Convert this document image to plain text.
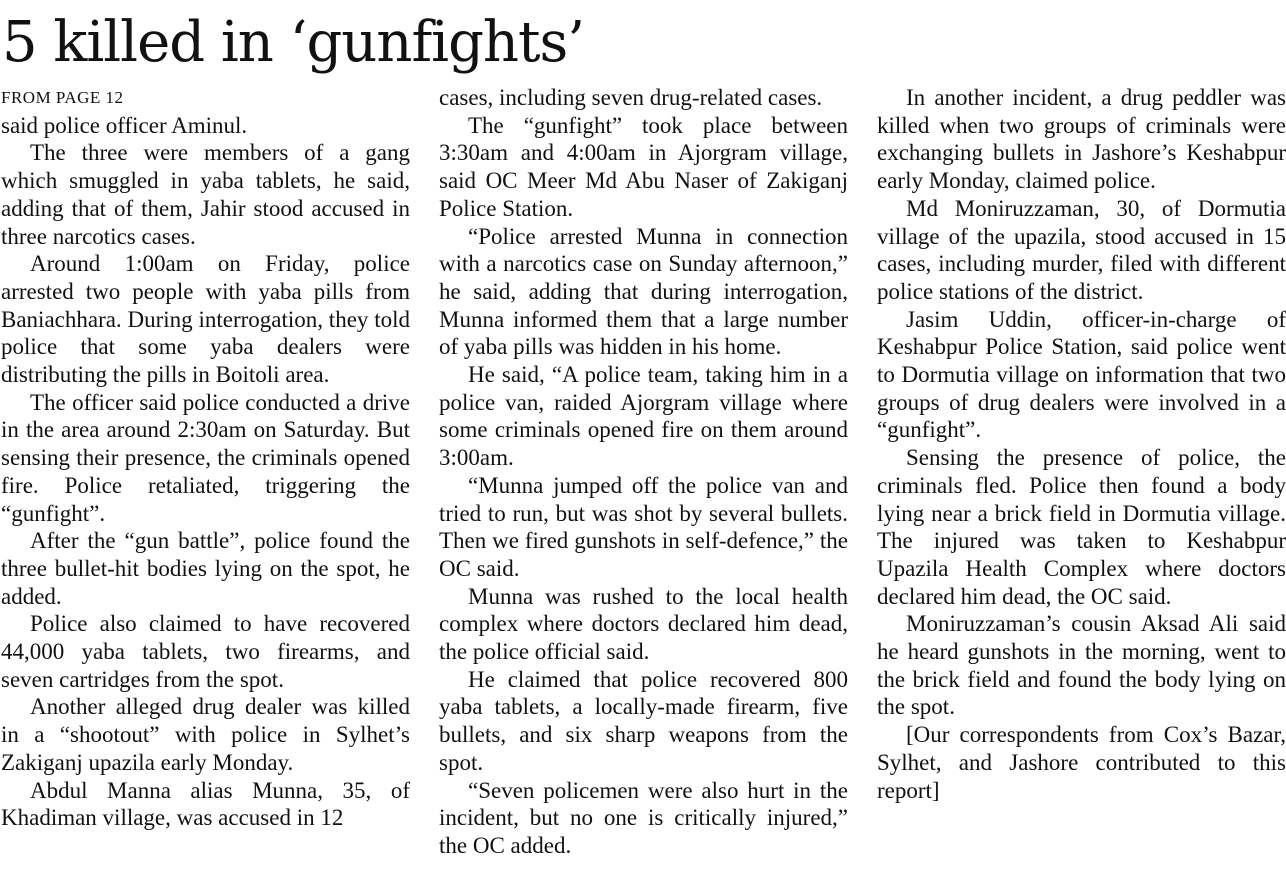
5 killed in ‘gunfights’
FROM PAGE 12

said police officer Aminul.

The three were members of a gang which smuggled in yaba tablets, he said, adding that of them, Jahir stood accused in three narcotics cases.

Around 1:00am on Friday, police arrested two people with yaba pills from Baniachhara. During interrogation, they told police that some yaba dealers were distributing the pills in Boitoli area.

The officer said police conducted a drive in the area around 2:30am on Saturday. But sensing their presence, the criminals opened fire. Police retaliated, triggering the “gunfight”.

After the “gun battle”, police found the three bullet-hit bodies lying on the spot, he added.

Police also claimed to have recovered 44,000 yaba tablets, two firearms, and seven cartridges from the spot.

Another alleged drug dealer was killed in a “shootout” with police in Sylhet’s Zakiganj upazila early Monday.

Abdul Manna alias Munna, 35, of Khadiman village, was accused in 12

cases, including seven drug-related cases.

The “gunfight” took place between 3:30am and 4:00am in Ajorgram village, said OC Meer Md Abu Naser of Zakiganj Police Station.

“Police arrested Munna in connection with a narcotics case on Sunday afternoon,” he said, adding that during interrogation, Munna informed them that a large number of yaba pills was hidden in his home.

He said, “A police team, taking him in a police van, raided Ajorgram village where some criminals opened fire on them around 3:00am.

“Munna jumped off the police van and tried to run, but was shot by several bullets. Then we fired gunshots in self-defence,” the OC said.

Munna was rushed to the local health complex where doctors declared him dead, the police official said.

He claimed that police recovered 800 yaba tablets, a locally-made firearm, five bullets, and six sharp weapons from the spot.

“Seven policemen were also hurt in the incident, but no one is critically injured,” the OC added.

In another incident, a drug peddler was killed when two groups of criminals were exchanging bullets in Jashore’s Keshabpur early Monday, claimed police.

Md Moniruzzaman, 30, of Dormutia village of the upazila, stood accused in 15 cases, including murder, filed with different police stations of the district.

Jasim Uddin, officer-in-charge of Keshabpur Police Station, said police went to Dormutia village on information that two groups of drug dealers were involved in a “gunfight”.

Sensing the presence of police, the criminals fled. Police then found a body lying near a brick field in Dormutia village. The injured was taken to Keshabpur Upazila Health Complex where doctors declared him dead, the OC said.

Moniruzzaman’s cousin Aksad Ali said he heard gunshots in the morning, went to the brick field and found the body lying on the spot.

[Our correspondents from Cox’s Bazar, Sylhet, and Jashore contributed to this report]
